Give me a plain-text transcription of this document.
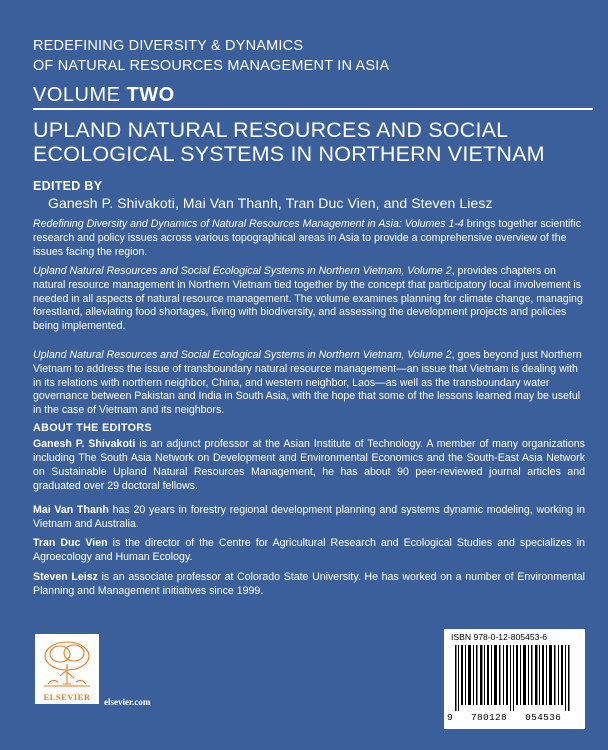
REDEFINING DIVERSITY & DYNAMICS
OF NATURAL RESOURCES MANAGEMENT IN ASIA
VOLUME TWO
UPLAND NATURAL RESOURCES AND SOCIAL
ECOLOGICAL SYSTEMS IN NORTHERN VIETNAM
EDITED BY
Ganesh P. Shivakoti, Mai Van Thanh, Tran Duc Vien, and Steven Liesz
Redefining Diversity and Dynamics of Natural Resources Management in Asia: Volumes 1-4 brings together scientific research and policy issues across various topographical areas in Asia to provide a comprehensive overview of the issues facing the region.
Upland Natural Resources and Social Ecological Systems in Northern Vietnam, Volume 2, provides chapters on natural resource management in Northern Vietnam tied together by the concept that participatory local involvement is needed in all aspects of natural resource management. The volume examines planning for climate change, managing forestland, alleviating food shortages, living with biodiversity, and assessing the development projects and policies being implemented.
Upland Natural Resources and Social Ecological Systems in Northern Vietnam, Volume 2, goes beyond just Northern Vietnam to address the issue of transboundary natural resource management—an issue that Vietnam is dealing with in its relations with northern neighbor, China, and western neighbor, Laos—as well as the transboundary water governance between Pakistan and India in South Asia, with the hope that some of the lessons learned may be useful in the case of Vietnam and its neighbors.
ABOUT THE EDITORS
Ganesh P. Shivakoti is an adjunct professor at the Asian Institute of Technology. A member of many organizations including The South Asia Network on Development and Environmental Economics and the South-East Asia Network on Sustainable Upland Natural Resources Management, he has about 90 peer-reviewed journal articles and graduated over 29 doctoral fellows.
Mai Van Thanh has 20 years in forestry regional development planning and systems dynamic modeling, working in Vietnam and Australia.
Tran Duc Vien is the director of the Centre for Agricultural Research and Ecological Studies and specializes in Agroecology and Human Ecology.
Steven Leisz is an associate professor at Colorado State University. He has worked on a number of Environmental Planning and Management initiatives since 1999.
ELSEVIER	elsevier.com
ISBN 978-0-12-805453-6
9 780128 054536
